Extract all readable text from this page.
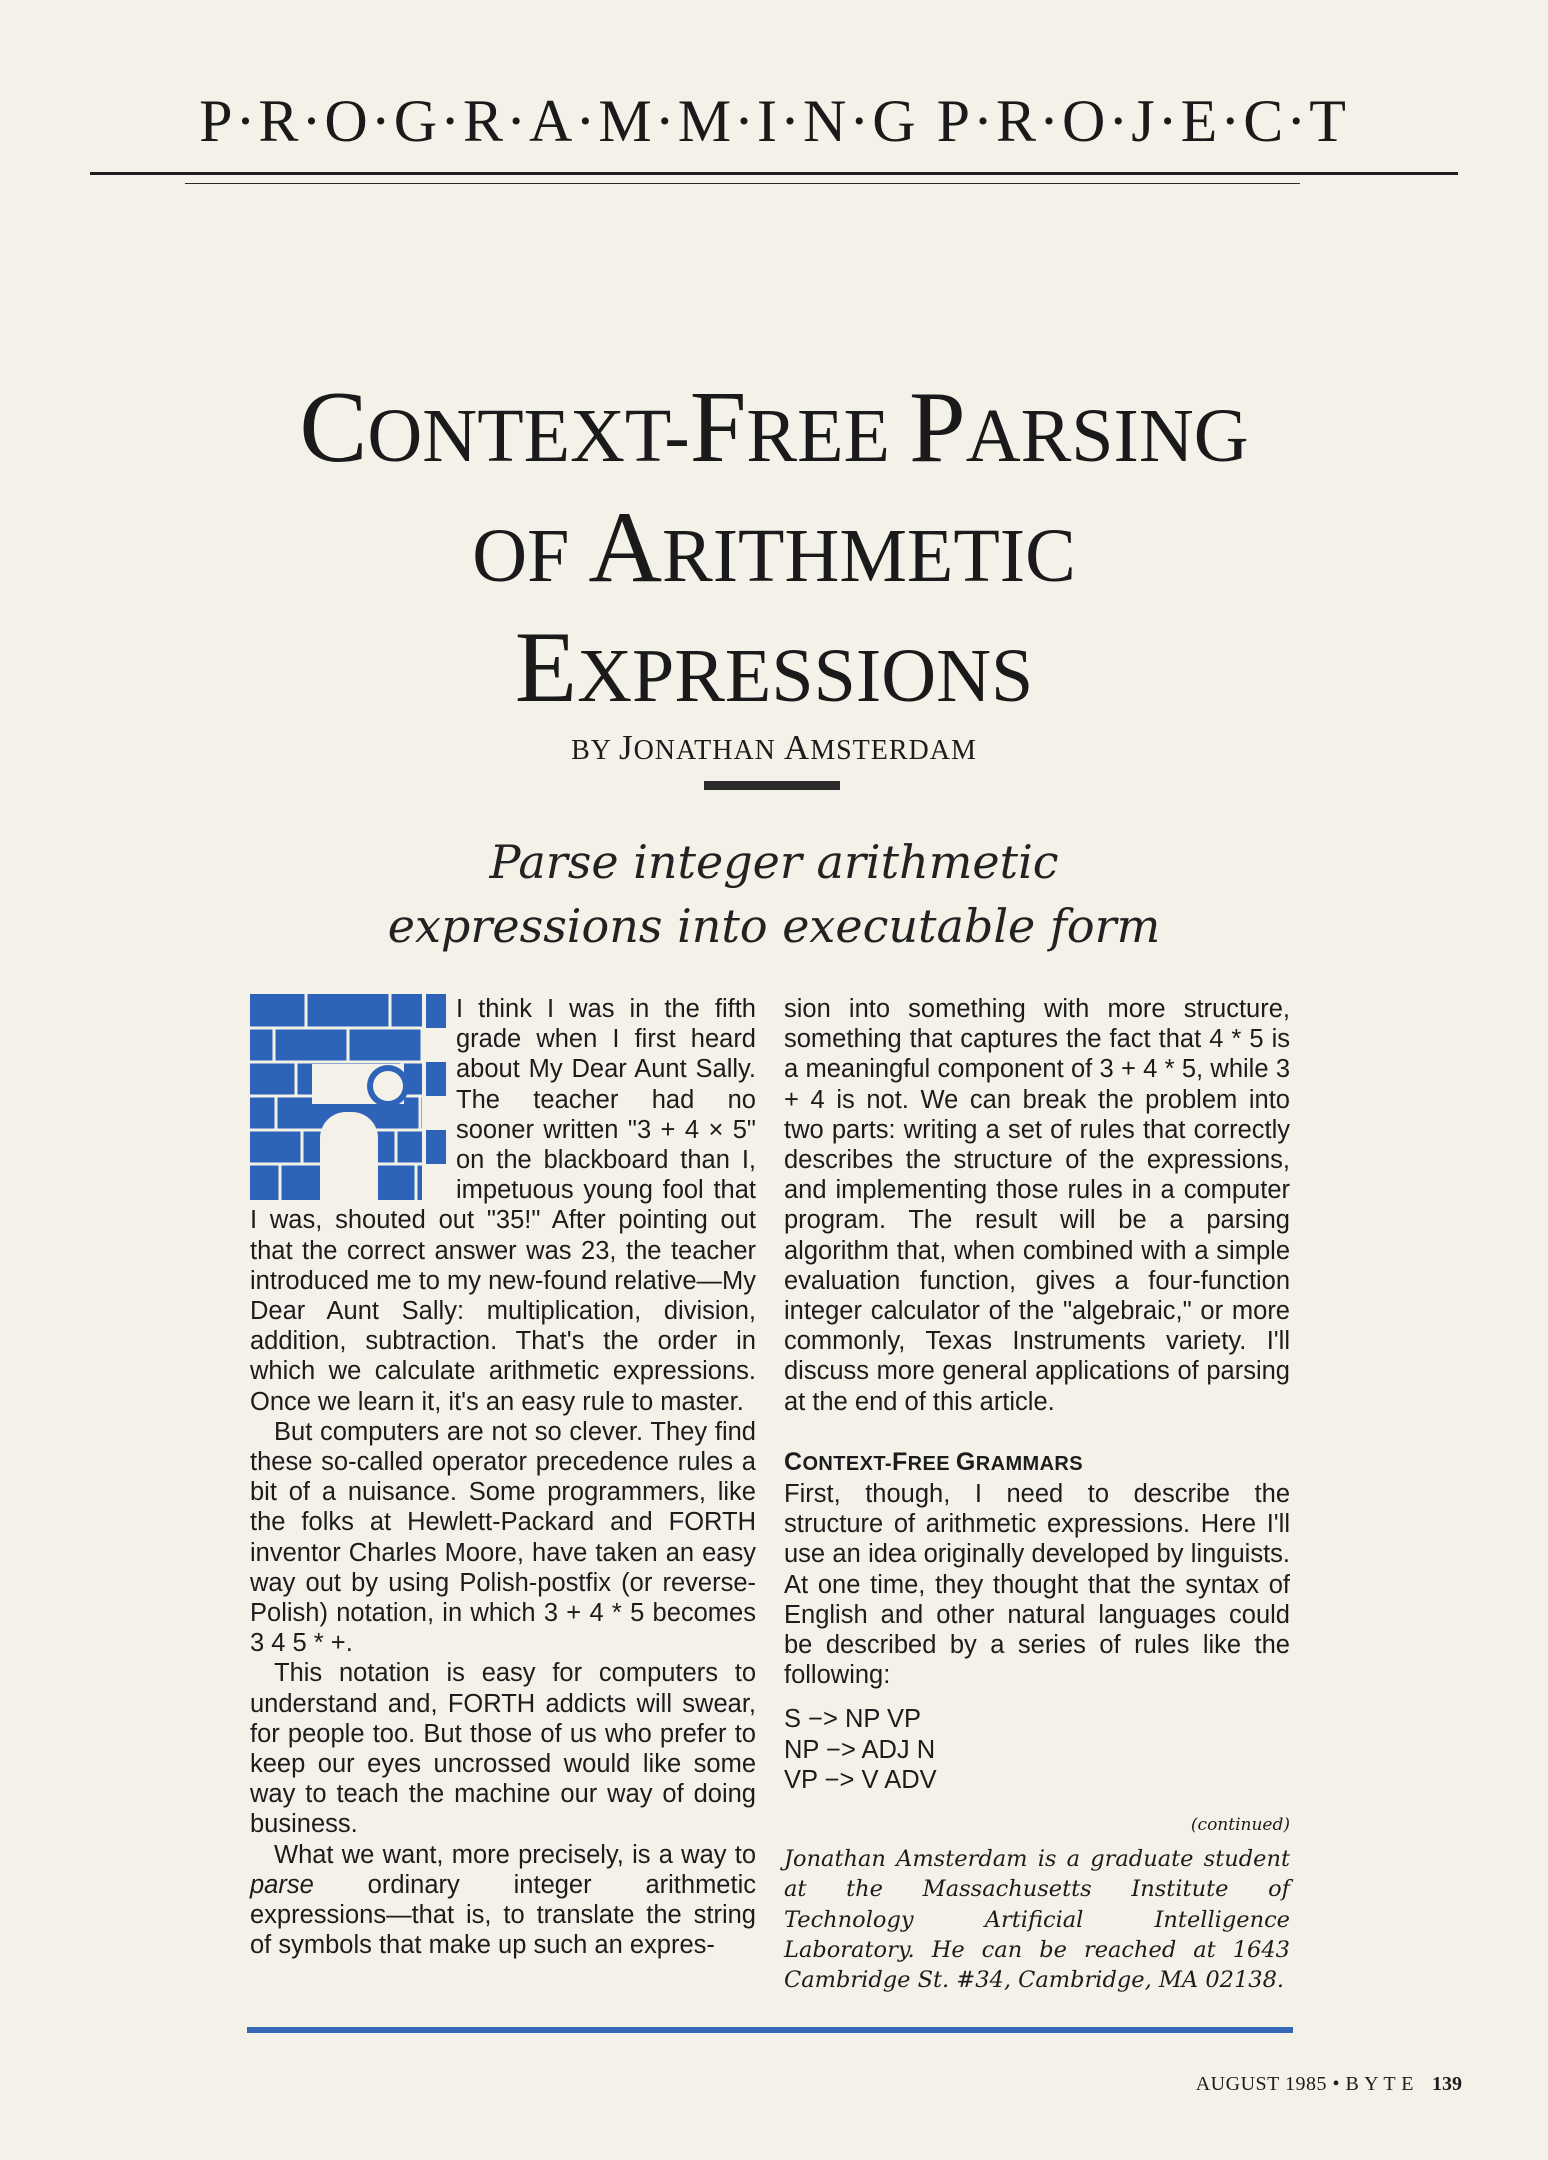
P·R·O·G·R·A·M·M·I·N·G P·R·O·J·E·C·T
CONTEXT-FREE PARSING
OF ARITHMETIC
EXPRESSIONS
BY JONATHAN AMSTERDAM
Parse integer arithmetic
expressions into executable form

I think I was in the fifth grade when I first heard about My Dear Aunt Sally. The teacher had no sooner written "3 + 4 × 5" on the blackboard than I, impetuous young fool that I was, shouted out "35!" After pointing out that the correct answer was 23, the teacher introduced me to my new-found relative—My Dear Aunt Sally: multiplication, division, addition, subtraction. That's the order in which we calculate arithmetic expressions. Once we learn it, it's an easy rule to master.

But computers are not so clever. They find these so-called operator precedence rules a bit of a nuisance. Some programmers, like the folks at Hewlett-Packard and FORTH inventor Charles Moore, have taken an easy way out by using Polish-postfix (or reverse-Polish) notation, in which 3 + 4 * 5 becomes 3 4 5 * +.

This notation is easy for computers to understand and, FORTH addicts will swear, for people too. But those of us who prefer to keep our eyes uncrossed would like some way to teach the machine our way of doing business.

What we want, more precisely, is a way to parse ordinary integer arithmetic expressions—that is, to translate the string of symbols that make up such an expres-

sion into something with more structure, something that captures the fact that 4 * 5 is a meaningful component of 3 + 4 * 5, while 3 + 4 is not. We can break the problem into two parts: writing a set of rules that correctly describes the structure of the expressions, and implementing those rules in a computer program. The result will be a parsing algorithm that, when combined with a simple evaluation function, gives a four-function integer calculator of the "algebraic," or more commonly, Texas Instruments variety. I'll discuss more general applications of parsing at the end of this article.

CONTEXT-FREE GRAMMARS

First, though, I need to describe the structure of arithmetic expressions. Here I'll use an idea originally developed by linguists. At one time, they thought that the syntax of English and other natural languages could be described by a series of rules like the following:

S −> NP VP
NP −> ADJ N
VP −> V ADV

(continued)

Jonathan Amsterdam is a graduate student at the Massachusetts Institute of Technology Artificial Intelligence Laboratory. He can be reached at 1643 Cambridge St. #34, Cambridge, MA 02138.

AUGUST 1985 • B Y T E 139
